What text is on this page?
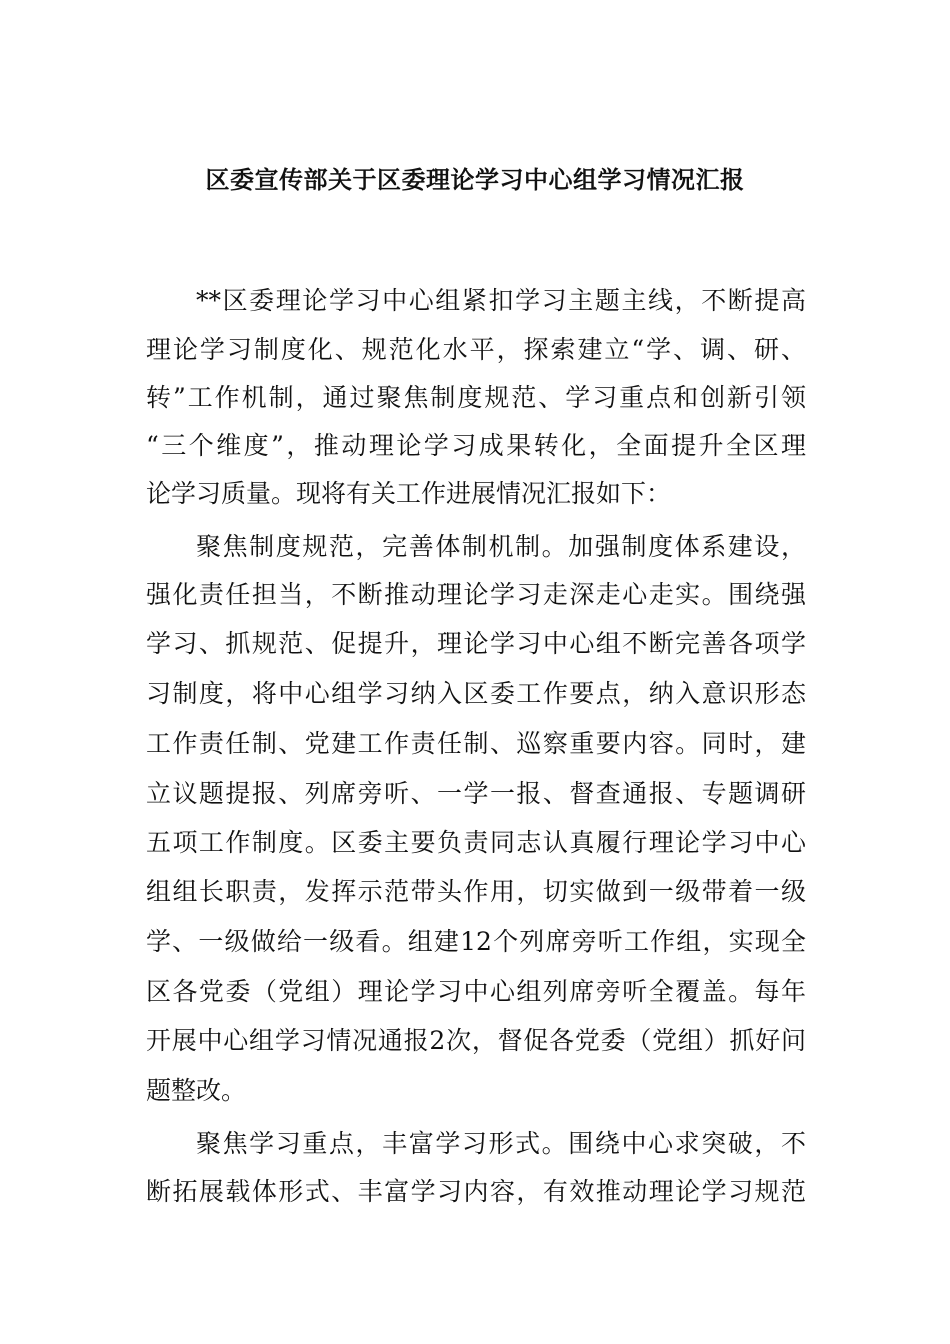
区委宣传部关于区委理论学习中心组学习情况汇报
**区委理论学习中心组紧扣学习主题主线，不断提高
理论学习制度化、规范化水平，探索建立“学、调、研、
转”工作机制，通过聚焦制度规范、学习重点和创新引领
“三个维度”，推动理论学习成果转化，全面提升全区理
论学习质量。现将有关工作进展情况汇报如下：
聚焦制度规范，完善体制机制。加强制度体系建设，
强化责任担当，不断推动理论学习走深走心走实。围绕强
学习、抓规范、促提升，理论学习中心组不断完善各项学
习制度，将中心组学习纳入区委工作要点，纳入意识形态
工作责任制、党建工作责任制、巡察重要内容。同时，建
立议题提报、列席旁听、一学一报、督查通报、专题调研
五项工作制度。区委主要负责同志认真履行理论学习中心
组组长职责，发挥示范带头作用，切实做到一级带着一级
学、一级做给一级看。组建12个列席旁听工作组，实现全
区各党委（党组）理论学习中心组列席旁听全覆盖。每年
开展中心组学习情况通报2次，督促各党委（党组）抓好问
题整改。
聚焦学习重点，丰富学习形式。围绕中心求突破，不
断拓展载体形式、丰富学习内容，有效推动理论学习规范
